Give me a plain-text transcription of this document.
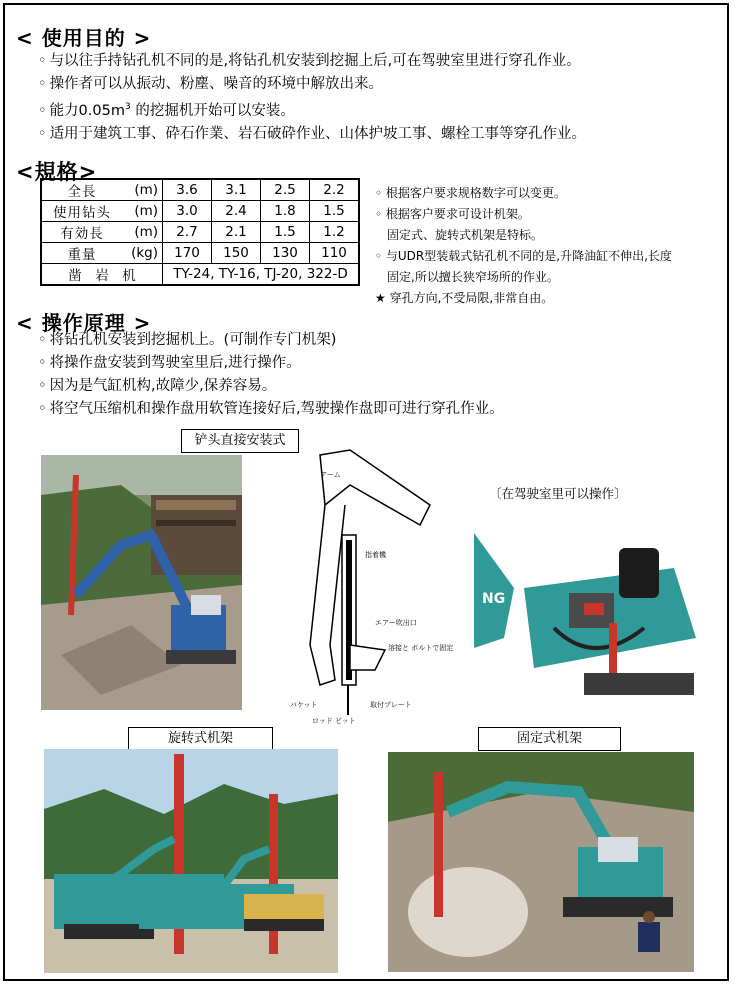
< 使用目的 >
◦ 与以往手持钻孔机不同的是,将钻孔机安装到挖掘上后,可在驾驶室里进行穿孔作业。
◦ 操作者可以从振动、粉塵、噪音的环境中解放出来。
◦ 能力$0.05m^3$ 的挖掘机开始可以安装。
◦ 适用于建筑工事、砕石作業、岩石破砕作业、山体护坡工事、螺栓工事等穿孔作业。
<規格>
全長	(m)	3.6	3.1	2.5	2.2
使用钻头	(m)	3.0	2.4	1.8	1.5
有効長	(m)	2.7	2.1	1.5	1.2
重量	(kg)	170	150	130	110
凿　岩　机		TY-24, TY-16, TJ-20, 322-D			
◦ 根据客户要求规格数字可以变更。
◦ 根据客户要求可设计机架。
　固定式、旋转式机架是特标。
◦ 与UDR型装载式钻孔机不同的是,升降油缸不伸出,长度
　固定,所以擅长狭窄场所的作业。
★ 穿孔方向,不受局限,非常自由。
< 操作原理 >
◦ 将钻孔机安装到挖掘机上。(可制作专门机架)
◦ 将操作盘安装到驾驶室里后,进行操作。
◦ 因为是气缸机构,故障少,保养容易。
◦ 将空气压缩机和操作盘用软管连接好后,驾驶操作盘即可进行穿孔作业。
铲头直接安装式
〔在驾驶室里可以操作〕
旋转式机架	固定式机架
アーム
指着機
エアー吹出口
溶接と ボルトで固定
バケット	取付プレート
ロッド ビット
NG
